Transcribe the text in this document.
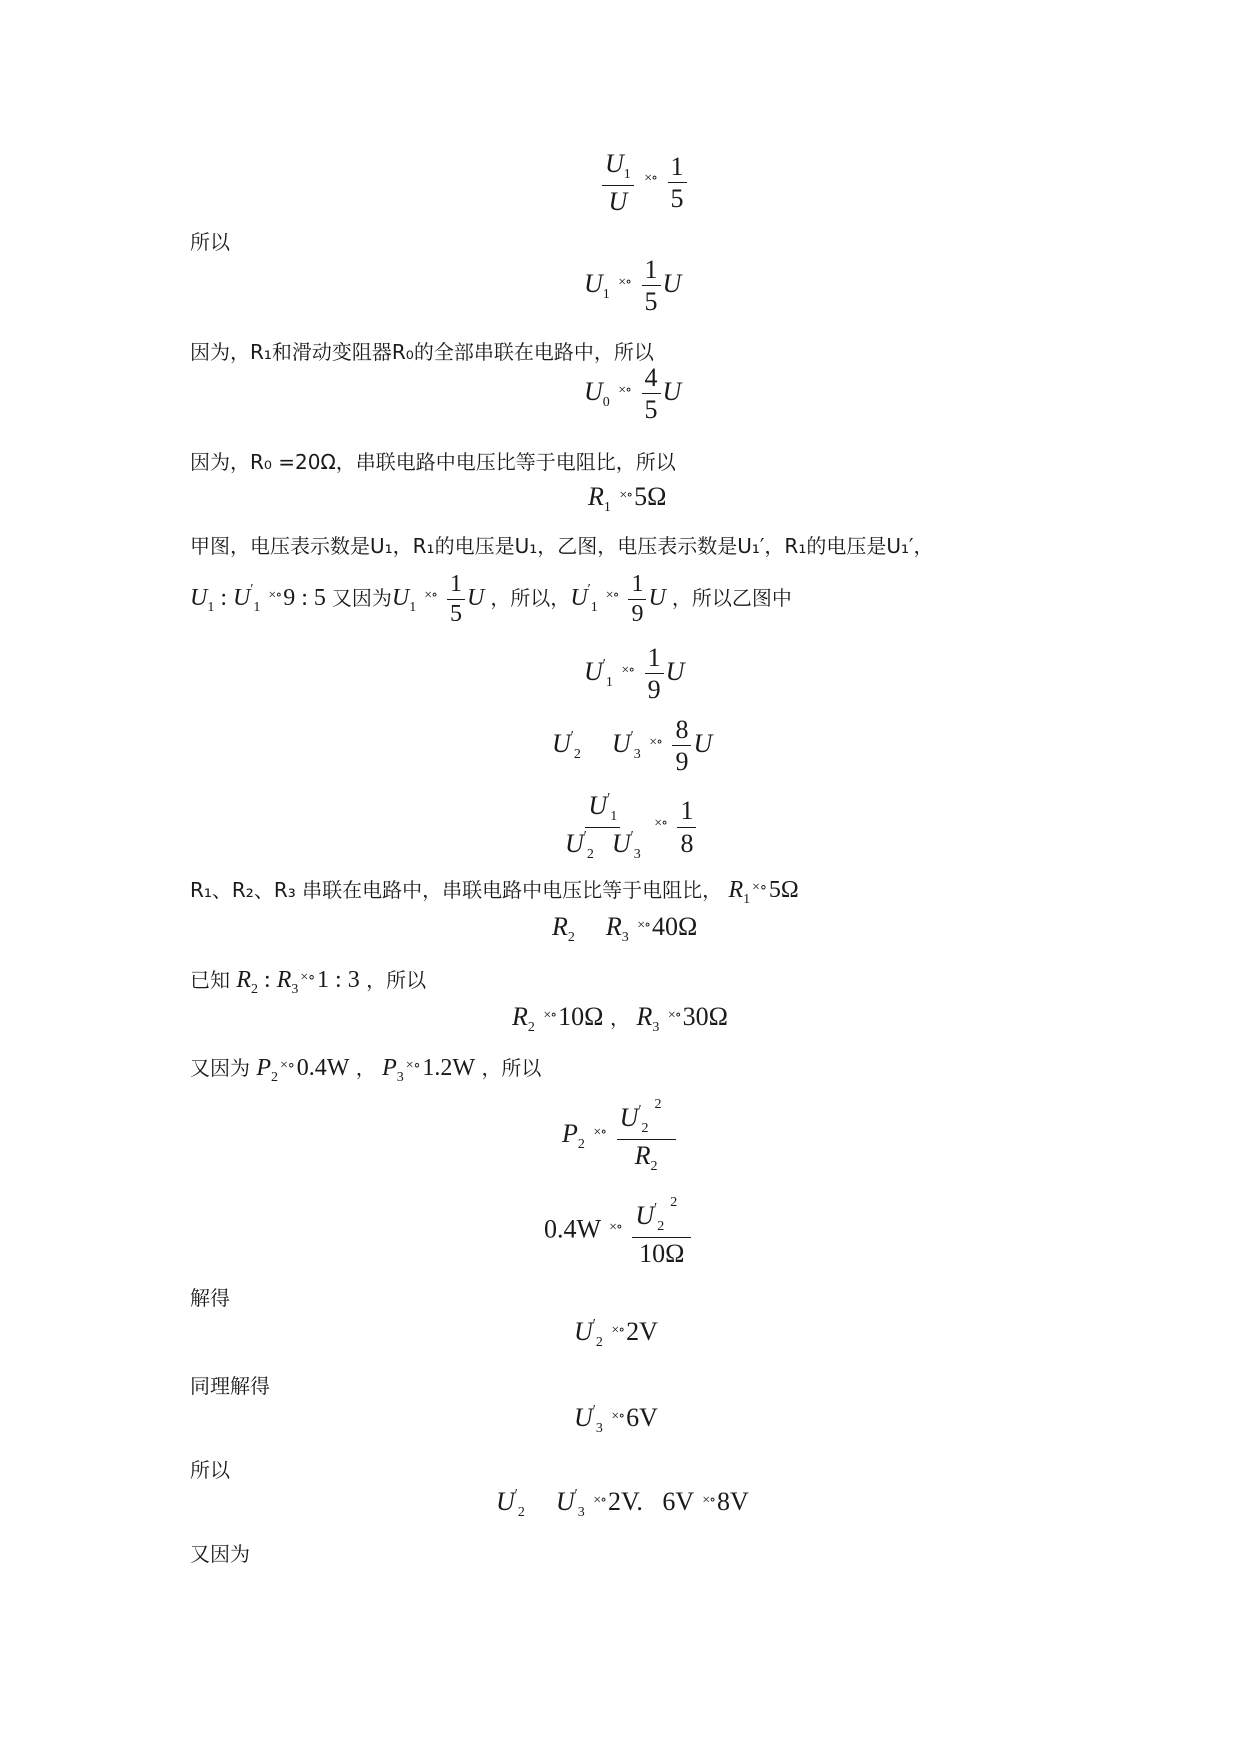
$\frac{U_1}{U} ^{\times\circ} \frac{1}{5}$
所以
$U_1$ $^{\times\circ} \frac{1}{5}$ U
因为，R₁和滑动变阻器R₀的全部串联在电路中，所以
$U_0$ $^{\times\circ} \frac{4}{5}$ U
因为，R₀ =20Ω，串联电路中电压比等于电阻比，所以
$R_1$ ×∘5Ω
甲图，电压表示数是U₁，R₁的电压是U₁，乙图，电压表示数是U₁′，R₁的电压是U₁′，
$U_1$ : $U'_1$ ×∘9 : 5 又因为$U_1$ $^{\times\circ} \frac{1}{5}$ U ，所以，$U'_1$ $^{\times\circ} \frac{1}{9}$ U ，所以乙图中
$U'_1$ $^{\times\circ} \frac{1}{9}$ U
$U'_2$ $U'_3$ $^{\times\circ} \frac{8}{9}$ U
$\frac{U'_1}{U'_2 U'_3} ^{\times\circ} \frac{1}{8}$
R₁、R₂、R₃ 串联在电路中，串联电路中电压比等于电阻比， $R_1^{\times\circ}5\Omega$
$R_2$ $R_3$ ×∘40Ω
已知 $R_2$ : $R_3^{\times\circ}1$ : 3 ，所以
$R_2$ ×∘10Ω ， $R_3$ ×∘30Ω
又因为 $P_2^{\times\circ}0.4W$ ， $P_3^{\times\circ}1.2W$ ，所以
$P_2$ $^{\times\circ} \frac{U'_2^2}{R_2}$
0.4W $^{\times\circ} \frac{U'_2^2}{10\Omega}$
解得
$U'_2$ ×∘2V
同理解得
$U'_3$ ×∘6V
所以
$U'_2$ $U'_3$ ×∘2V.   6V ×∘8V
又因为
